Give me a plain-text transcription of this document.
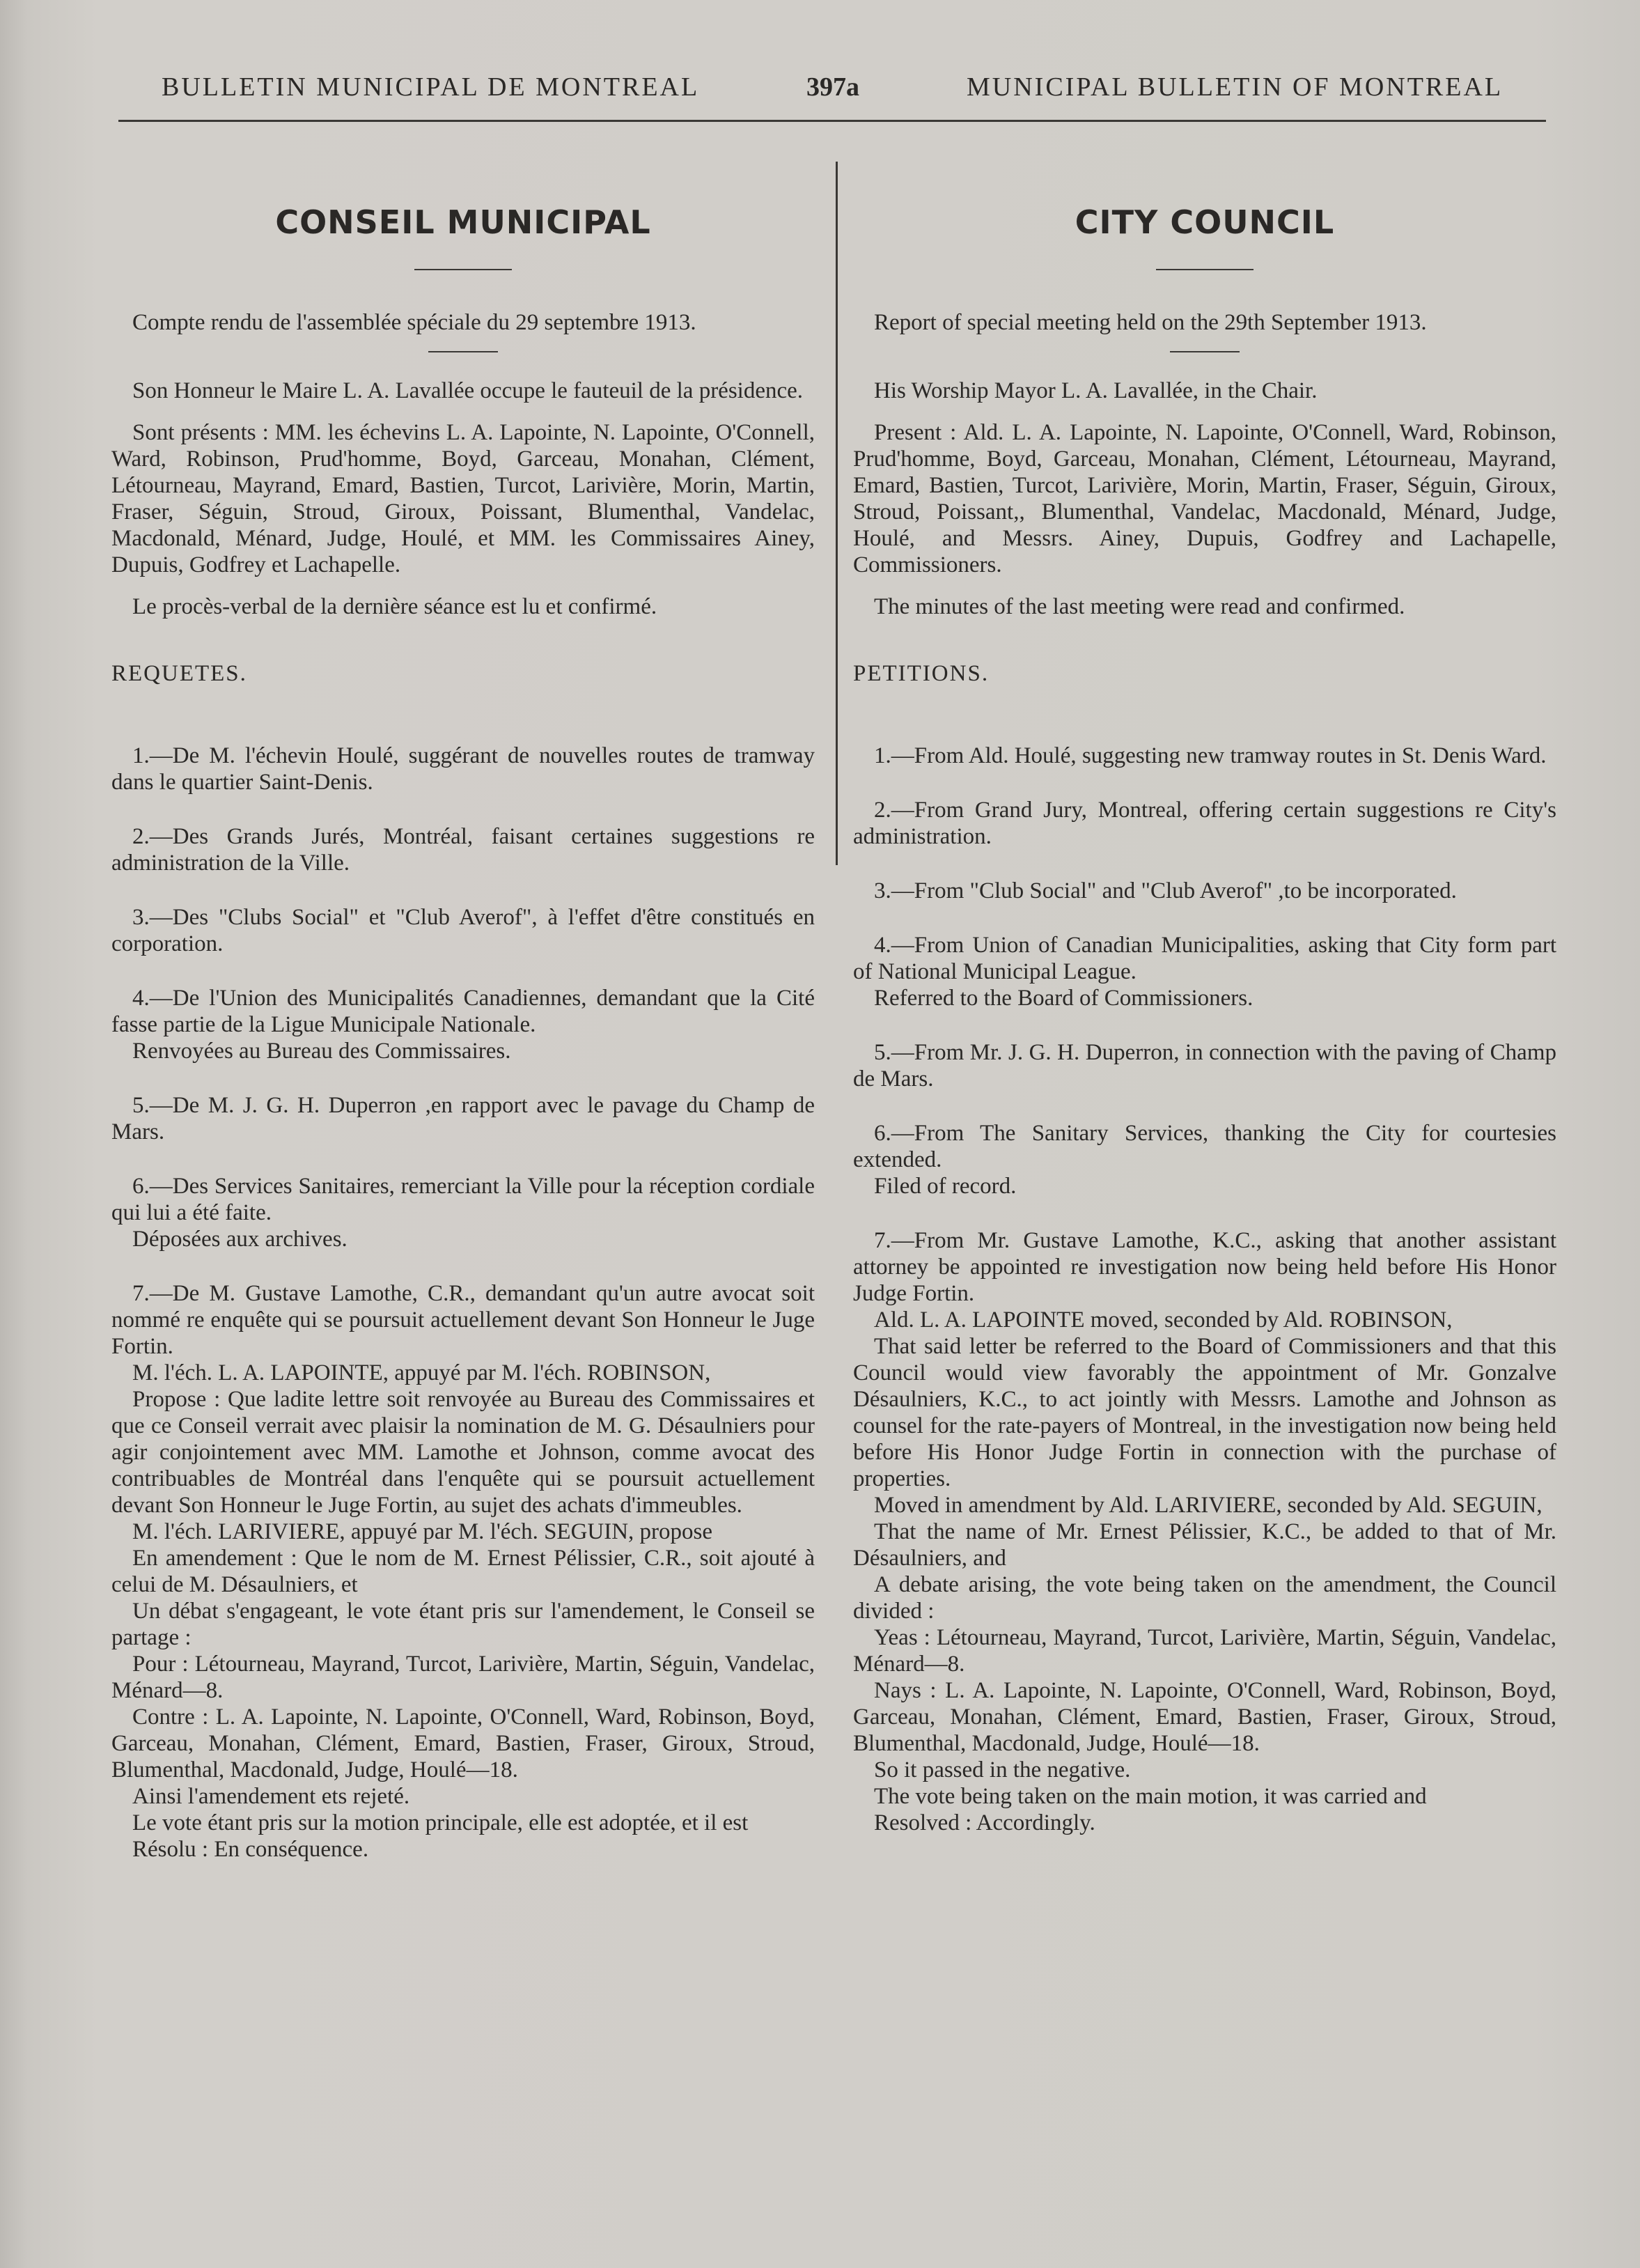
BULLETIN MUNICIPAL DE MONTREAL	397a	MUNICIPAL BULLETIN OF MONTREAL
CONSEIL MUNICIPAL

Compte rendu de l'assemblée spéciale du 29 septembre 1913.

Son Honneur le Maire L. A. Lavallée occupe le fauteuil de la présidence.

Sont présents : MM. les échevins L. A. Lapointe, N. Lapointe, O'Connell, Ward, Robinson, Prud'homme, Boyd, Garceau, Monahan, Clément, Létourneau, Mayrand, Emard, Bastien, Turcot, Larivière, Morin, Martin, Fraser, Séguin, Stroud, Giroux, Poissant, Blumenthal, Vandelac, Macdonald, Ménard, Judge, Houlé, et MM. les Commissaires Ainey, Dupuis, Godfrey et Lachapelle.

Le procès-verbal de la dernière séance est lu et confirmé.

REQUETES.

1.—De M. l'échevin Houlé, suggérant de nouvelles routes de tramway dans le quartier Saint-Denis.

2.—Des Grands Jurés, Montréal, faisant certaines suggestions re administration de la Ville.

3.—Des "Clubs Social" et "Club Averof", à l'effet d'être constitués en corporation.

4.—De l'Union des Municipalités Canadiennes, demandant que la Cité fasse partie de la Ligue Municipale Nationale.

Renvoyées au Bureau des Commissaires.

5.—De M. J. G. H. Duperron ,en rapport avec le pavage du Champ de Mars.

6.—Des Services Sanitaires, remerciant la Ville pour la réception cordiale qui lui a été faite.

Déposées aux archives.

7.—De M. Gustave Lamothe, C.R., demandant qu'un autre avocat soit nommé re enquête qui se poursuit actuellement devant Son Honneur le Juge Fortin.

M. l'éch. L. A. LAPOINTE, appuyé par M. l'éch. ROBINSON,

Propose : Que ladite lettre soit renvoyée au Bureau des Commissaires et que ce Conseil verrait avec plaisir la nomination de M. G. Désaulniers pour agir conjointement avec MM. Lamothe et Johnson, comme avocat des contribuables de Montréal dans l'enquête qui se poursuit actuellement devant Son Honneur le Juge Fortin, au sujet des achats d'immeubles.

M. l'éch. LARIVIERE, appuyé par M. l'éch. SEGUIN, propose

En amendement : Que le nom de M. Ernest Pélissier, C.R., soit ajouté à celui de M. Désaulniers, et

Un débat s'engageant, le vote étant pris sur l'amendement, le Conseil se partage :

Pour : Létourneau, Mayrand, Turcot, Larivière, Martin, Séguin, Vandelac, Ménard—8.

Contre : L. A. Lapointe, N. Lapointe, O'Connell, Ward, Robinson, Boyd, Garceau, Monahan, Clément, Emard, Bastien, Fraser, Giroux, Stroud, Blumenthal, Macdonald, Judge, Houlé—18.

Ainsi l'amendement ets rejeté.

Le vote étant pris sur la motion principale, elle est adoptée, et il est

Résolu : En conséquence.

CITY COUNCIL

Report of special meeting held on the 29th September 1913.

His Worship Mayor L. A. Lavallée, in the Chair.

Present : Ald. L. A. Lapointe, N. Lapointe, O'Connell, Ward, Robinson, Prud'homme, Boyd, Garceau, Monahan, Clément, Létourneau, Mayrand, Emard, Bastien, Turcot, Larivière, Morin, Martin, Fraser, Séguin, Giroux, Stroud, Poissant,, Blumenthal, Vandelac, Macdonald, Ménard, Judge, Houlé, and Messrs. Ainey, Dupuis, Godfrey and Lachapelle, Commissioners.

The minutes of the last meeting were read and confirmed.

PETITIONS.

1.—From Ald. Houlé, suggesting new tramway routes in St. Denis Ward.

2.—From Grand Jury, Montreal, offering certain suggestions re City's administration.

3.—From "Club Social" and "Club Averof" ,to be incorporated.

4.—From Union of Canadian Municipalities, asking that City form part of National Municipal League.

Referred to the Board of Commissioners.

5.—From Mr. J. G. H. Duperron, in connection with the paving of Champ de Mars.

6.—From The Sanitary Services, thanking the City for courtesies extended.

Filed of record.

7.—From Mr. Gustave Lamothe, K.C., asking that another assistant attorney be appointed re investigation now being held before His Honor Judge Fortin.

Ald. L. A. LAPOINTE moved, seconded by Ald. ROBINSON,

That said letter be referred to the Board of Commissioners and that this Council would view favorably the appointment of Mr. Gonzalve Désaulniers, K.C., to act jointly with Messrs. Lamothe and Johnson as counsel for the rate-payers of Montreal, in the investigation now being held before His Honor Judge Fortin in connection with the purchase of properties.

Moved in amendment by Ald. LARIVIERE, seconded by Ald. SEGUIN,

That the name of Mr. Ernest Pélissier, K.C., be added to that of Mr. Désaulniers, and

A debate arising, the vote being taken on the amendment, the Council divided :

Yeas : Létourneau, Mayrand, Turcot, Larivière, Martin, Séguin, Vandelac, Ménard—8.

Nays : L. A. Lapointe, N. Lapointe, O'Connell, Ward, Robinson, Boyd, Garceau, Monahan, Clément, Emard, Bastien, Fraser, Giroux, Stroud, Blumenthal, Macdonald, Judge, Houlé—18.

So it passed in the negative.

The vote being taken on the main motion, it was carried and

Resolved : Accordingly.
